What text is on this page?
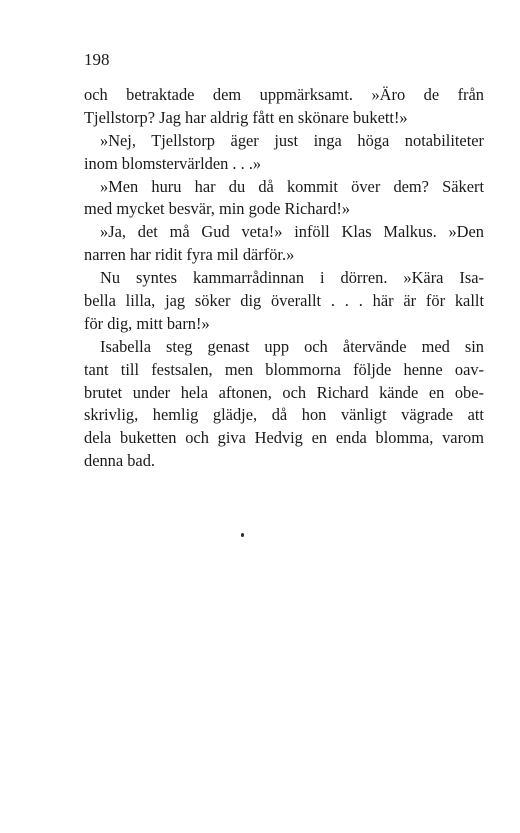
198
och betraktade dem uppmärksamt. »Äro de från
Tjellstorp? Jag har aldrig fått en skönare bukett!»
»Nej, Tjellstorp äger just inga höga notabiliteter
inom blomstervärlden . . .»
»Men huru har du då kommit över dem? Säkert
med mycket besvär, min gode Richard!»
»Ja, det må Gud veta!» inföll Klas Malkus. »Den
narren har ridit fyra mil därför.»
Nu syntes kammarrådinnan i dörren. »Kära Isa-
bella lilla, jag söker dig överallt . . . här är för kallt
för dig, mitt barn!»
Isabella steg genast upp och återvände med sin
tant till festsalen, men blommorna följde henne oav-
brutet under hela aftonen, och Richard kände en obe-
skrivlig, hemlig glädje, då hon vänligt vägrade att
dela buketten och giva Hedvig en enda blomma, varom
denna bad.
